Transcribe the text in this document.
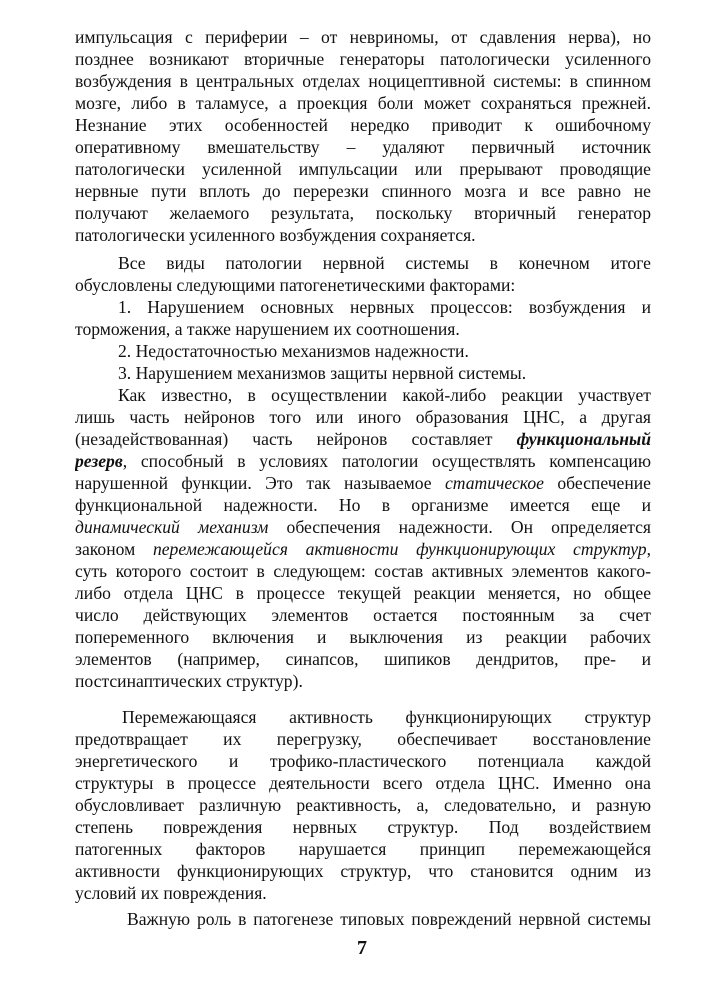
импульсация с периферии – от невриномы, от сдавления нерва), но
позднее возникают вторичные генераторы патологически усиленного
возбуждения в центральных отделах ноцицептивной системы: в спинном
мозге, либо в таламусе, а проекция боли может сохраняться прежней.
Незнание этих особенностей нередко приводит к ошибочному
оперативному вмешательству – удаляют первичный источник
патологически усиленной импульсации или прерывают проводящие
нервные пути вплоть до перерезки спинного мозга и все равно не
получают желаемого результата, поскольку вторичный генератор
патологически усиленного возбуждения сохраняется.
Все виды патологии нервной системы в конечном итоге
обусловлены следующими патогенетическими факторами:
1. Нарушением основных нервных процессов: возбуждения и
торможения, а также нарушением их соотношения.
2. Недостаточностью механизмов надежности.
3. Нарушением механизмов защиты нервной системы.
Как известно, в осуществлении какой-либо реакции участвует
лишь часть нейронов того или иного образования ЦНС, а другая
(незадействованная) часть нейронов составляет функциональный
резерв, способный в условиях патологии осуществлять компенсацию
нарушенной функции. Это так называемое статическое обеспечение
функциональной надежности. Но в организме имеется еще и
динамический механизм обеспечения надежности. Он определяется
законом перемежающейся активности функционирующих структур,
суть которого состоит в следующем: состав активных элементов какого-
либо отдела ЦНС в процессе текущей реакции меняется, но общее
число действующих элементов остается постоянным за счет
попеременного включения и выключения из реакции рабочих
элементов (например, синапсов, шипиков дендритов, пре- и
постсинаптических структур).
Перемежающаяся активность функционирующих структур
предотвращает их перегрузку, обеспечивает восстановление
энергетического и трофико-пластического потенциала каждой
структуры в процессе деятельности всего отдела ЦНС. Именно она
обусловливает различную реактивность, а, следовательно, и разную
степень повреждения нервных структур. Под воздействием
патогенных факторов нарушается принцип перемежающейся
активности функционирующих структур, что становится одним из
условий их повреждения.
Важную роль в патогенезе типовых повреждений нервной системы
7
